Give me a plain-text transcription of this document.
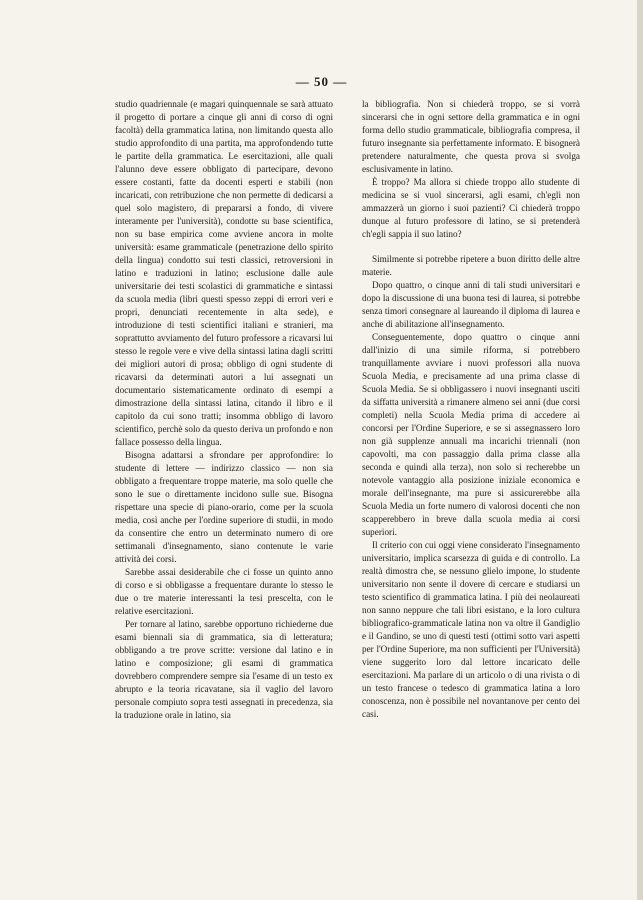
— 50 —

studio quadriennale (e magari quinquennale se sarà attuato il progetto di portare a cinque gli anni di corso di ogni facoltà) della grammatica latina, non limitando questa allo studio approfondito di una partita, ma approfondendo tutte le partite della grammatica. Le esercitazioni, alle quali l'alunno deve essere obbligato di partecipare, devono essere costanti, fatte da docenti esperti e stabili (non incaricati, con retribuzione che non permette di dedicarsi a quel solo magistero, di prepararsi a fondo, di vivere interamente per l'università), condotte su base scientifica, non su base empirica come avviene ancora in molte università: esame grammaticale (penetrazione dello spirito della lingua) condotto sui testi classici, retroversioni in latino e traduzioni in latino; esclusione dalle aule universitarie dei testi scolastici di grammatiche e sintassi da scuola media (libri questi spesso zeppi di errori veri e propri, denunciati recentemente in alta sede), e introduzione di testi scientifici italiani e stranieri, ma soprattutto avviamento del futuro professore a ricavarsi lui stesso le regole vere e vive della sintassi latina dagli scritti dei migliori autori di prosa; obbligo di ogni studente di ricavarsi da determinati autori a lui assegnati un documentario sistematicamente ordinato di esempi a dimostrazione della sintassi latina, citando il libro e il capitolo da cui sono tratti; insomma obbligo di lavoro scientifico, perchè solo da questo deriva un profondo e non fallace possesso della lingua.

Bisogna adattarsi a sfrondare per approfondire: lo studente di lettere — indirizzo classico — non sia obbligato a frequentare troppe materie, ma solo quelle che sono le sue o direttamente incidono sulle sue. Bisogna rispettare una specie di piano-orario, come per la scuola media, così anche per l'ordine superiore di studii, in modo da consentire che entro un determinato numero di ore settimanali d'insegnamento, siano contenute le varie attività dei corsi.

Sarebbe assai desiderabile che ci fosse un quinto anno di corso e si obbligasse a frequentare durante lo stesso le due o tre materie interessanti la tesi prescelta, con le relative esercitazioni.

Per tornare al latino, sarebbe opportuno richiederne due esami biennali sia di grammatica, sia di letteratura; obbligando a tre prove scritte: versione dal latino e in latino e composizione; gli esami di grammatica dovrebbero comprendere sempre sia l'esame di un testo ex abrupto e la teoria ricavatane, sia il vaglio del lavoro personale compiuto sopra testi assegnati in precedenza, sia la traduzione orale in latino, sia

la bibliografia. Non si chiederà troppo, se si vorrà sincerarsi che in ogni settore della grammatica e in ogni forma dello studio grammaticale, bibliografia compresa, il futuro insegnante sia perfettamente informato. E bisognerà pretendere naturalmente, che questa prova si svolga esclusivamente in latino.

È troppo? Ma allora si chiede troppo allo studente di medicina se si vuol sincerarsi, agli esami, ch'egli non ammazzerà un giorno i suoi pazienti? Ci chiederà troppo dunque al futuro professore di latino, se si pretenderà ch'egli sappia il suo latino?

Similmente si potrebbe ripetere a buon diritto delle altre materie.

Dopo quattro, o cinque anni di tali studi universitari e dopo la discussione di una buona tesi di laurea, si potrebbe senza timori consegnare al laureando il diploma di laurea e anche di abilitazione all'insegnamento.

Conseguentemente, dopo quattro o cinque anni dall'inizio di una simile riforma, si potrebbero tranquillamente avviare i nuovi professori alla nuova Scuola Media, e precisamente ad una prima classe di Scuola Media. Se si obbligassero i nuovi insegnanti usciti da siffatta università a rimanere almeno sei anni (due corsi completi) nella Scuola Media prima di accedere ai concorsi per l'Ordine Superiore, e se si assegnassero loro non già supplenze annuali ma incarichi triennali (non capovolti, ma con passaggio dalla prima classe alla seconda e quindi alla terza), non solo si recherebbe un notevole vantaggio alla posizione iniziale economica e morale dell'insegnante, ma pure si assicurerebbe alla Scuola Media un forte numero di valorosi docenti che non scapperebbero in breve dalla scuola media ai corsi superiori.

Il criterio con cui oggi viene considerato l'insegnamento universitario, implica scarsezza di guida e di controllo. La realtà dimostra che, se nessuno glielo impone, lo studente universitario non sente il dovere di cercare e studiarsi un testo scientifico di grammatica latina. I più dei neolaureati non sanno neppure che tali libri esistano, e la loro cultura bibliografico-grammaticale latina non va oltre il Gandiglio e il Gandino, se uno di questi testi (ottimi sotto vari aspetti per l'Ordine Superiore, ma non sufficienti per l'Università) viene suggerito loro dal lettore incaricato delle esercitazioni. Ma parlare di un articolo o di una rivista o di un testo francese o tedesco di grammatica latina a loro conoscenza, non è possibile nel novantanove per cento dei casi.
